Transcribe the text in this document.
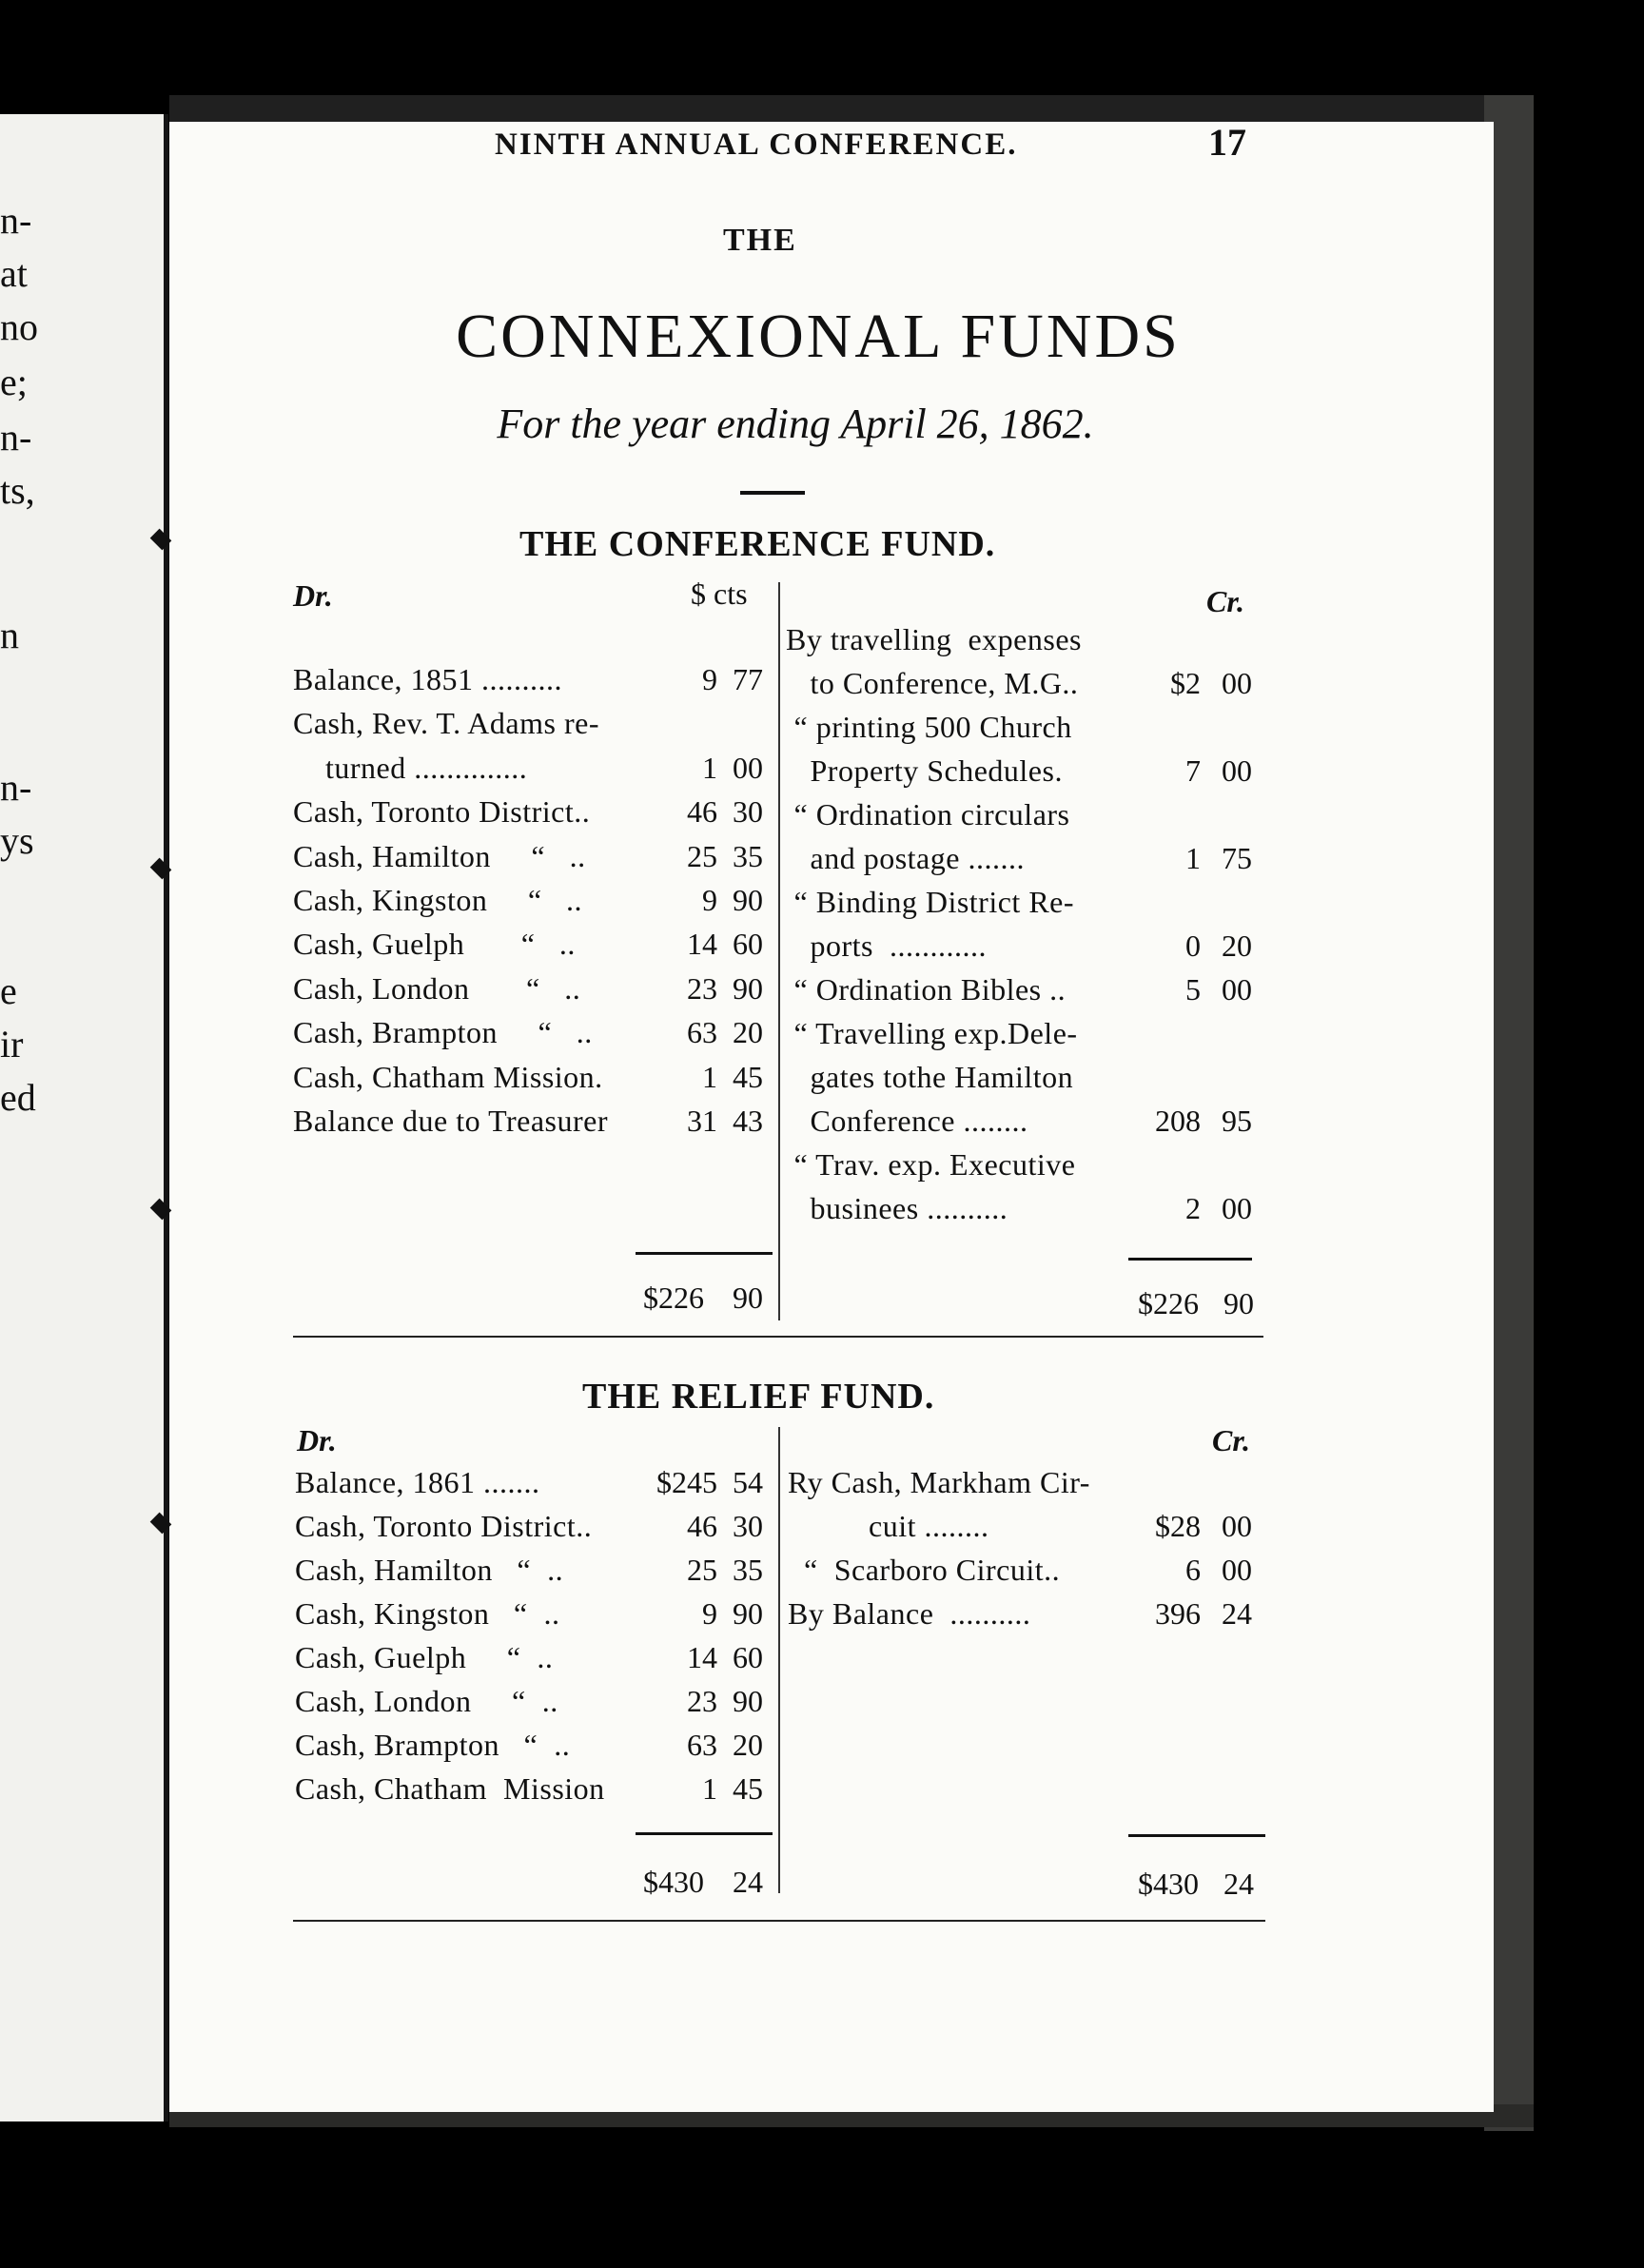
n-
at
no
e;
n-
ts,
n
n-
ys
e
ir
ed
NINTH ANNUAL CONFERENCE.	17
THE
CONNEXIONAL FUNDS
For the year ending April 26, 1862.
THE CONFERENCE FUND.
Dr.	$ cts	Cr.
Balance, 1851 ..........	9 77
Cash, Rev. T. Adams re-
turned ..............	1 00
Cash, Toronto District..	46 30
Cash, Hamilton     “   ..	25 35
Cash, Kingston     “   ..	9 90
Cash, Guelph       “   ..	14 60
Cash, London       “   ..	23 90
Cash, Brampton     “   ..	63 20
Cash, Chatham Mission.	1 45
Balance due to Treasurer	31 43
By travelling  expenses
to Conference, M.G..	$2 00
“ printing 500 Church
Property Schedules.	7 00
“ Ordination circulars
and postage .......	1 75
“ Binding District Re-
ports  ............	0 20
“ Ordination Bibles ..	5 00
“ Travelling exp.Dele-
gates tothe Hamilton
Conference ........	208 95
“ Trav. exp. Executive
businees ..........	2 00
$226 90	$226 90
THE RELIEF FUND.
Dr.	Cr.
Balance, 1861 .......	$245 54
Cash, Toronto District..	46 30
Cash, Hamilton   “  ..	25 35
Cash, Kingston   “  ..	9 90
Cash, Guelph     “  ..	14 60
Cash, London     “  ..	23 90
Cash, Brampton   “  ..	63 20
Cash, Chatham  Mission	1 45
Ry Cash, Markham Cir-
cuit ........	$28 00
“  Scarboro Circuit..	6 00
By Balance  ..........	396 24
$430 24	$430 24
